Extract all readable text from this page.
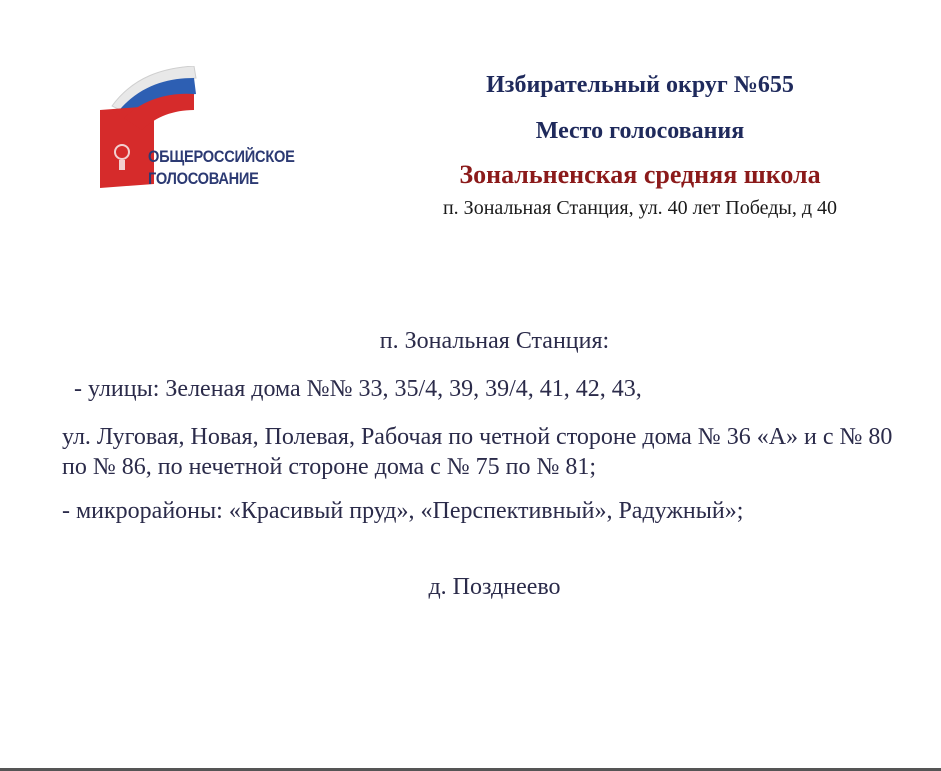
ОБЩЕРОССИЙСКОЕ
ГОЛОСОВАНИЕ
Избирательный округ №655
Место голосования
Зональненская средняя школа
п. Зональная Станция, ул. 40 лет Победы, д 40
п. Зональная Станция:
- улицы: Зеленая дома №№ 33, 35/4, 39, 39/4, 41, 42, 43,
ул. Луговая, Новая, Полевая, Рабочая по четной стороне дома № 36 «А» и с № 80 по № 86, по нечетной стороне дома с № 75 по № 81;
- микрорайоны: «Красивый пруд», «Перспективный», Радужный»;
д. Позднеево
